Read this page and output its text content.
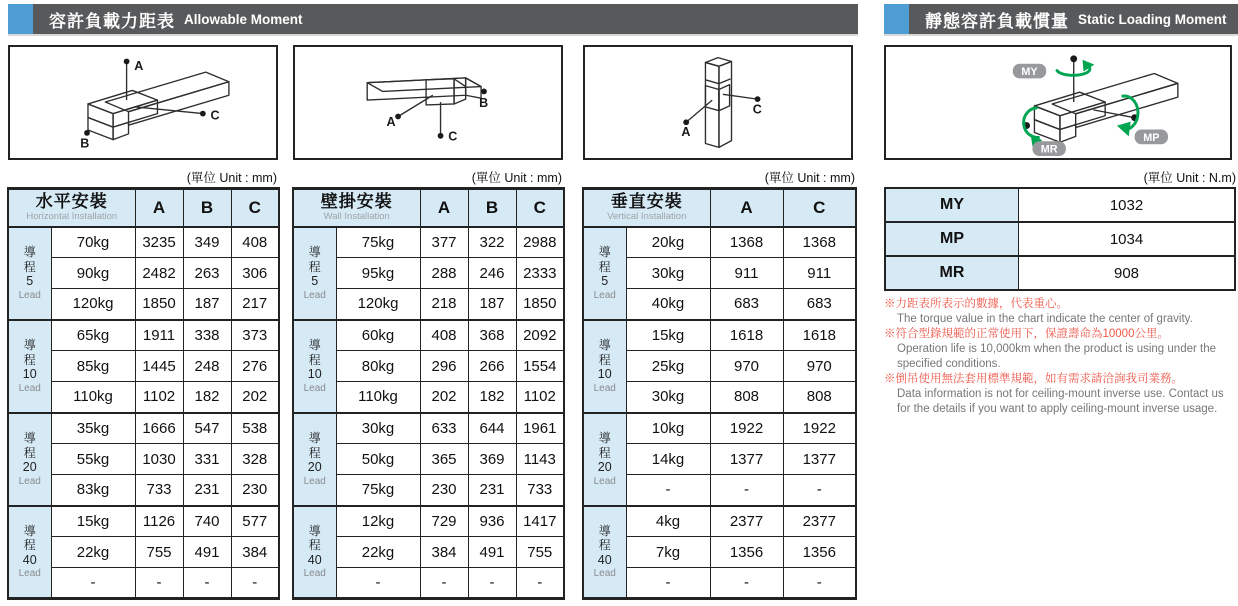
容許負載力距表 Allowable Moment	靜態容許負載慣量 Static Loading Moment
A
B
C	A
B
C	A
C
MY
MP
MR
(單位 Unit : mm)	(單位 Unit : mm)	(單位 Unit : mm)	(單位 Unit : N.m)
水平安裝
Horizontal Installation		A	B	C

導
程
5
Lead	70kg	3235	349	408
	90kg	2482	263	306
	120kg	1850	187	217

導
程
10
Lead	65kg	1911	338	373
	85kg	1445	248	276
	110kg	1102	182	202

導
程
20
Lead	35kg	1666	547	538
	55kg	1030	331	328
	83kg	733	231	230

導
程
40
Lead	15kg	1126	740	577
	22kg	755	491	384
	-	-	-	-
壁掛安裝
Wall Installation		A	B	C

導
程
5
Lead	75kg	377	322	2988
	95kg	288	246	2333
	120kg	218	187	1850

導
程
10
Lead	60kg	408	368	2092
	80kg	296	266	1554
	110kg	202	182	1102

導
程
20
Lead	30kg	633	644	1961
	50kg	365	369	1143
	75kg	230	231	733

導
程
40
Lead	12kg	729	936	1417
	22kg	384	491	755
	-	-	-	-
垂直安裝
Vertical Installation		A	C

導
程
5
Lead	20kg	1368	1368
	30kg	911	911
	40kg	683	683

導
程
10
Lead	15kg	1618	1618
	25kg	970	970
	30kg	808	808

導
程
20
Lead	10kg	1922	1922
	14kg	1377	1377
	-	-	-

導
程
40
Lead	4kg	2377	2377
	7kg	1356	1356
	-	-	-
MY	1032
MP	1034
MR	908
※力距表所表示的數據，代表重心。
The torque value in the chart indicate the center of gravity.
※符合型錄規範的正常使用下，保證壽命為10000公里。
Operation life is 10,000km when the product is using under the specified conditions.
※倒吊使用無法套用標準規範，如有需求請洽詢我司業務。
Data information is not for ceiling-mount inverse use. Contact us for the details if you want to apply ceiling-mount inverse usage.
